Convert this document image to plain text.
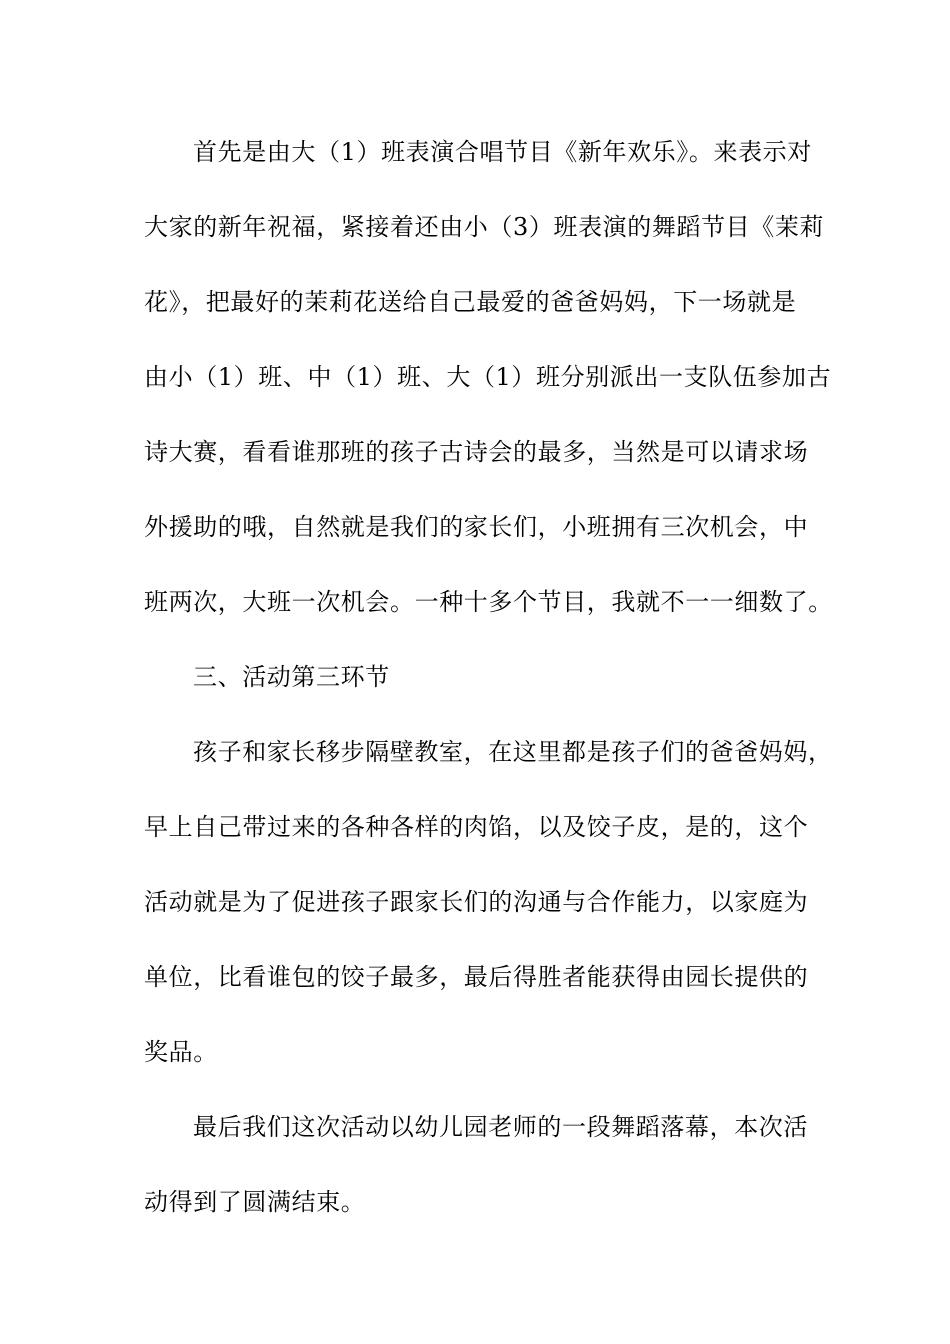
首先是由大（1）班表演合唱节目《新年欢乐》。来表示对
大家的新年祝福，紧接着还由小（3）班表演的舞蹈节目《茉莉
花》，把最好的茉莉花送给自己最爱的爸爸妈妈，下一场就是
由小（1）班、中（1）班、大（1）班分别派出一支队伍参加古
诗大赛，看看谁那班的孩子古诗会的最多，当然是可以请求场
外援助的哦，自然就是我们的家长们，小班拥有三次机会，中
班两次，大班一次机会。一种十多个节目，我就不一一细数了。
三、活动第三环节
孩子和家长移步隔壁教室，在这里都是孩子们的爸爸妈妈，
早上自己带过来的各种各样的肉馅，以及饺子皮，是的，这个
活动就是为了促进孩子跟家长们的沟通与合作能力，以家庭为
单位，比看谁包的饺子最多，最后得胜者能获得由园长提供的
奖品。
最后我们这次活动以幼儿园老师的一段舞蹈落幕，本次活
动得到了圆满结束。
